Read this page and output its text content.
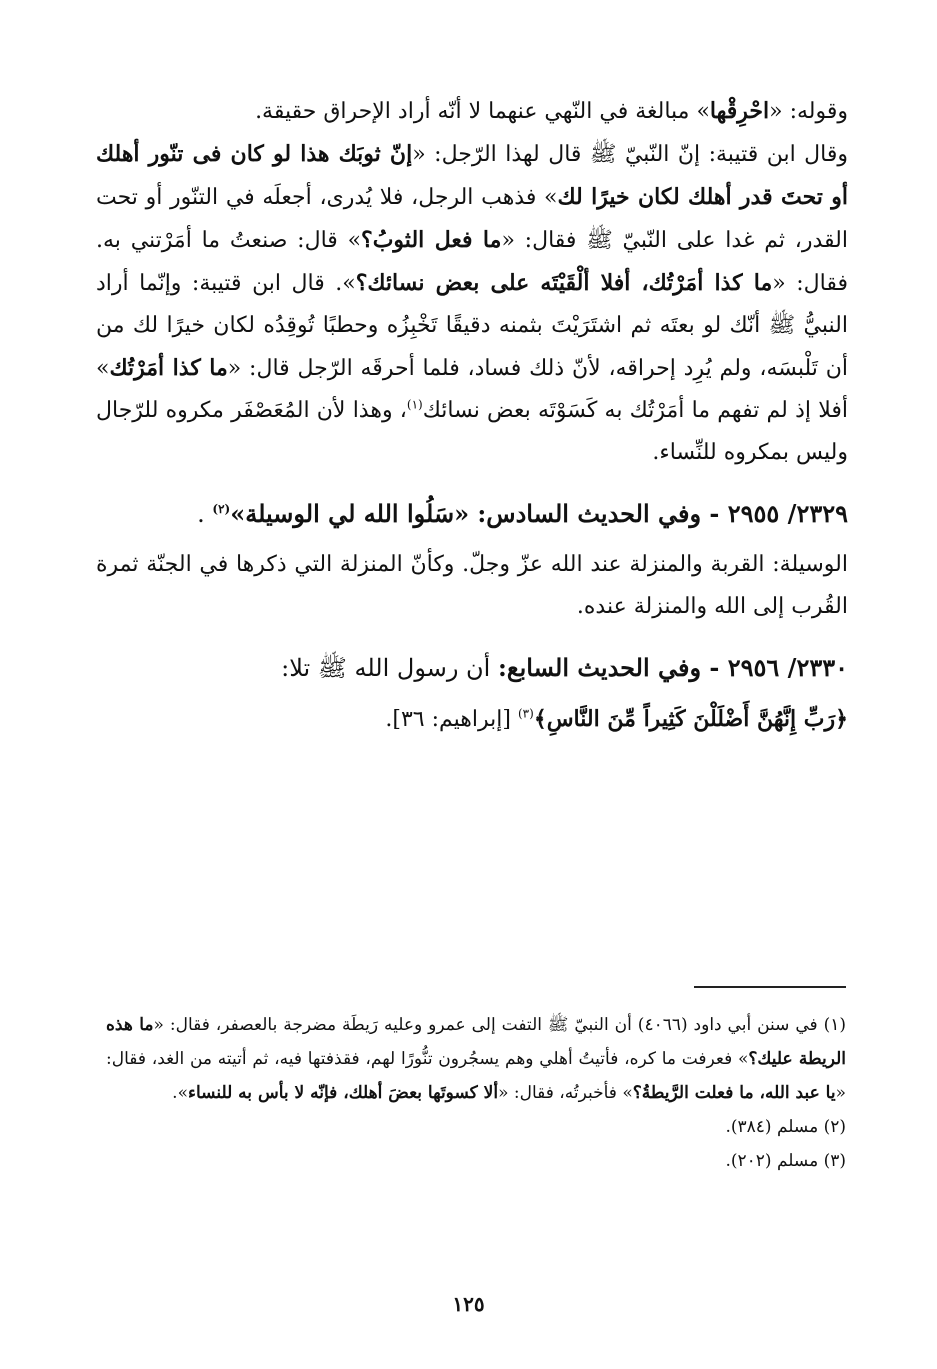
وقوله: «احْرِقْها» مبالغة في النّهي عنهما لا أنّه أراد الإحراق حقيقة.

وقال ابن قتيبة: إنّ النّبيّ ﷺ قال لهذا الرّجل: «إنّ ثوبَك هذا لو كان فى تنّور أهلك أو تحتَ قدر أهلك لكان خيرًا لك» فذهب الرجل، فلا يُدرى، أجعلَه في التنّور أو تحت القدر، ثم غدا على النّبيّ ﷺ فقال: «ما فعل الثوبُ؟» قال: صنعتُ ما أمَرْتني به. فقال: «ما كذا أمَرْتُك، أفلا ألْقَيْتَه على بعض نسائك؟». قال ابن قتيبة: وإنّما أراد النبيُّ ﷺ أنّك لو بعتَه ثم اشتَرَيْتَ بثمنه دقيقًا تَخْبِزُه وحطبًا تُوقِدُه لكان خيرًا لك من أن تَلْبسَه، ولم يُرِد إحراقه، لأنّ ذلك فساد، فلما أحرقَه الرّجل قال: «ما كذا أمَرْتُك» أفلا إذ لم تفهم ما أمَرْتُك به كَسَوْتَه بعض نسائك$^{(١)}$، وهذا لأن المُعَصْفَر مكروه للرّجال وليس بمكروه للنِّساء.

٢٣٢٩/ ٢٩٥٥ - وفي الحديث السادس: «سَلُوا الله لي الوسيلة»$^{(٢)}$ .

الوسيلة: القربة والمنزلة عند الله عزّ وجلّ. وكأنّ المنزلة التي ذكرها في الجنّة ثمرة القُرب إلى الله والمنزلة عنده.

٢٣٣٠/ ٢٩٥٦ - وفي الحديث السابع: أن رسول الله ﷺ تلا:

﴿رَبِّ إِنَّهُنَّ أَضْلَلْنَ كَثِيراً مِّنَ النَّاسِ﴾$^{(٣)}$ [إبراهيم: ٣٦].

(١) في سنن أبي داود (٤٠٦٦) أن النبيّ ﷺ التفت إلى عمرو وعليه رَيطَة مضرجة بالعصفر، فقال: «ما هذه الريطة عليك؟» فعرفت ما كره، فأتيتُ أهلي وهم يسجُرون تنُّورًا لهم، فقذفتها فيه، ثم أتيته من الغد، فقال: «يا عبد الله، ما فعلت الرَّيطةُ؟» فأخبرتُه، فقال: «ألا كسوتَها بعضَ أهلك، فإنّه لا بأس به للنساء».

(٢) مسلم (٣٨٤).

(٣) مسلم (٢٠٢).

١٢٥
